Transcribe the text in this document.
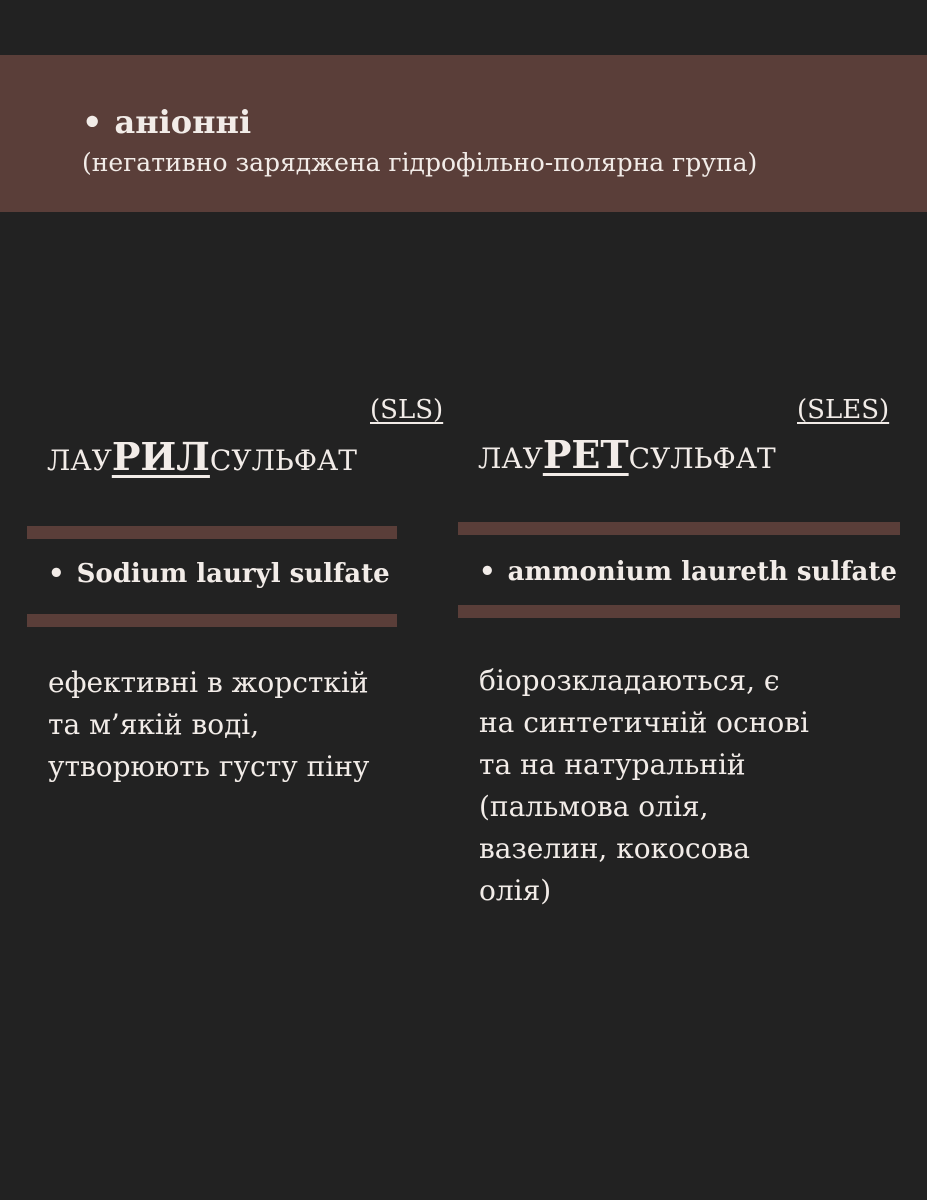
• аніонні
(негативно заряджена гідрофільно-полярна група)
(SLS)
ЛАУРИЛСУЛЬФАТ
• Sodium lauryl sulfate
ефективні в жорсткій
та м’якій воді,
утворюють густу піну
(SLES)
ЛАУРЕТСУЛЬФАТ
• ammonium laureth sulfate
біорозкладаються, є
на синтетичній основі
та на натуральній
(пальмова олія,
вазелин, кокосова
олія)
